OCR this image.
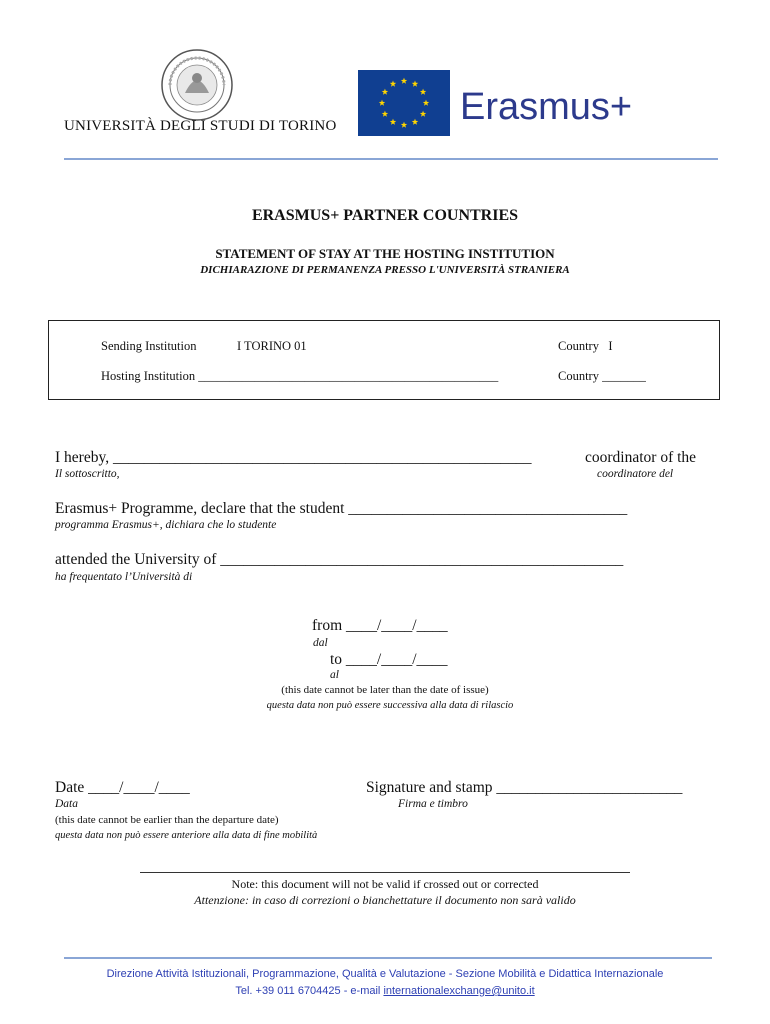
UNIVERSITÀ DEGLI STUDI DI TORINO	Erasmus+
ERASMUS+ PARTNER COUNTRIES
STATEMENT OF STAY AT THE HOSTING INSTITUTION
DICHIARAZIONE DI PERMANENZA PRESSO L'UNIVERSITÀ STRANIERA
Sending Institution	I TORINO 01	Country   I
Hosting Institution ________________________________________________	Country _______
I hereby, ______________________________________________________	coordinator of the
Il sottoscritto,	coordinatore del
Erasmus+ Programme, declare that the student ____________________________________
programma Erasmus+, dichiara che lo studente
attended the University of ____________________________________________________
ha frequentato l’Università di
from ____/____/____
dal
to ____/____/____
al
(this date cannot be later than the date of issue)
questa data non può essere successiva alla data di rilascio
Date ____/____/____
Data
(this date cannot be earlier than the departure date)
questa data non può essere anteriore alla data di fine mobilità
Signature and stamp ________________________
Firma e timbro
Note: this document will not be valid if crossed out or corrected
Attenzione: in caso di correzioni o bianchettature il documento non sarà valido
Direzione Attività Istituzionali, Programmazione, Qualità e Valutazione - Sezione Mobilità e Didattica Internazionale
Tel. +39 011 6704425 - e-mail internationalexchange@unito.it
